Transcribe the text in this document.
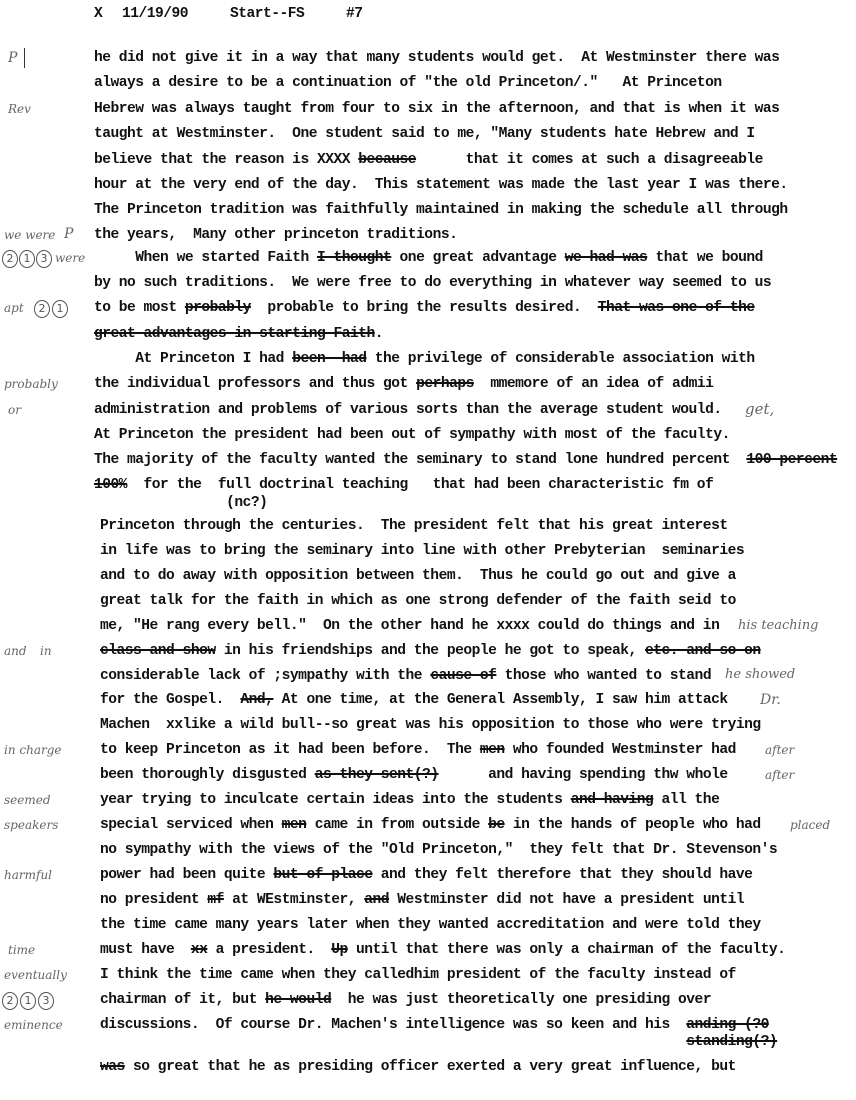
X 11/19/90	Start--FS	#7
he did not give it in a way that many students would get.  At Westminster there was
always a desire to be a continuation of "the old Princeton/."   At Princeton
Hebrew was always taught from four to six in the afternoon, and that is when it was
taught at Westminster.  One student said to me, "Many students hate Hebrew and I
believe that the reason is XXXX because      that it comes at such a disagreeable
hour at the very end of the day.  This statement was made the last year I was there.
The Princeton tradition was faithfully maintained in making the schedule all through
the years,  Many other princeton traditions.
When we started Faith I thought one great advantage we had was that we bound
by no such traditions.  We were free to do everything in whatever way seemed to us
to be most probably  probable to bring the results desired.  That was one of the
great advantages in starting Faith.
At Princeton I had been  had the privilege of considerable association with
the individual professors and thus got perhaps  mmemore of an idea of admii
administration and problems of various sorts than the average student would.
At Princeton the president had been out of sympathy with most of the faculty.
The majority of the faculty wanted the seminary to stand lone hundred percent  100 percent
100%  for the  full doctrinal teaching   that had been characteristic fm of
(nc?)
Princeton through the centuries.  The president felt that his great interest
in life was to bring the seminary into line with other Prebyterian  seminaries
and to do away with opposition between them.  Thus he could go out and give a
great talk for the faith in which as one strong defender of the faith seid to
me, "He rang every bell."  On the other hand he xxxx could do things and in
class and show in his friendships and the people he got to speak, etc. and so on
considerable lack of ;sympathy with the cause of those who wanted to stand
for the Gospel.  And, At one time, at the General Assembly, I saw him attack
Machen  xxlike a wild bull--so great was his opposition to those who were trying
to keep Princeton as it had been before.  The men who founded Westminster had
been thoroughly disgusted as they sent(?)      and having spending thw whole
year trying to inculcate certain ideas into the students and having all the
special serviced when men came in from outside be in the hands of people who had
no sympathy with the views of the "Old Princeton,"  they felt that Dr. Stevenson's
power had been quite but of place and they felt therefore that they should have
no president mf at WEstminster, and Westminster did not have a president until
the time came many years later when they wanted accreditation and were told they
must have  xx a president.  Up until that there was only a chairman of the faculty.
I think the time came when they calledhim president of the faculty instead of
chairman of it, but he would  he was just theoretically one presiding over
discussions.  Of course Dr. Machen's intelligence was so keen and his  anding (?0
standing(?)
was so great that he as presiding officer exerted a very great influence, but
P
Rev
we were P
2 1 3 were
apt	2	1
probably
or	get,
his teaching
and in
he showed
Dr.
in charge	after
after
seemed
speakers	placed
harmful
time
eventually
2	1	3
eminence
